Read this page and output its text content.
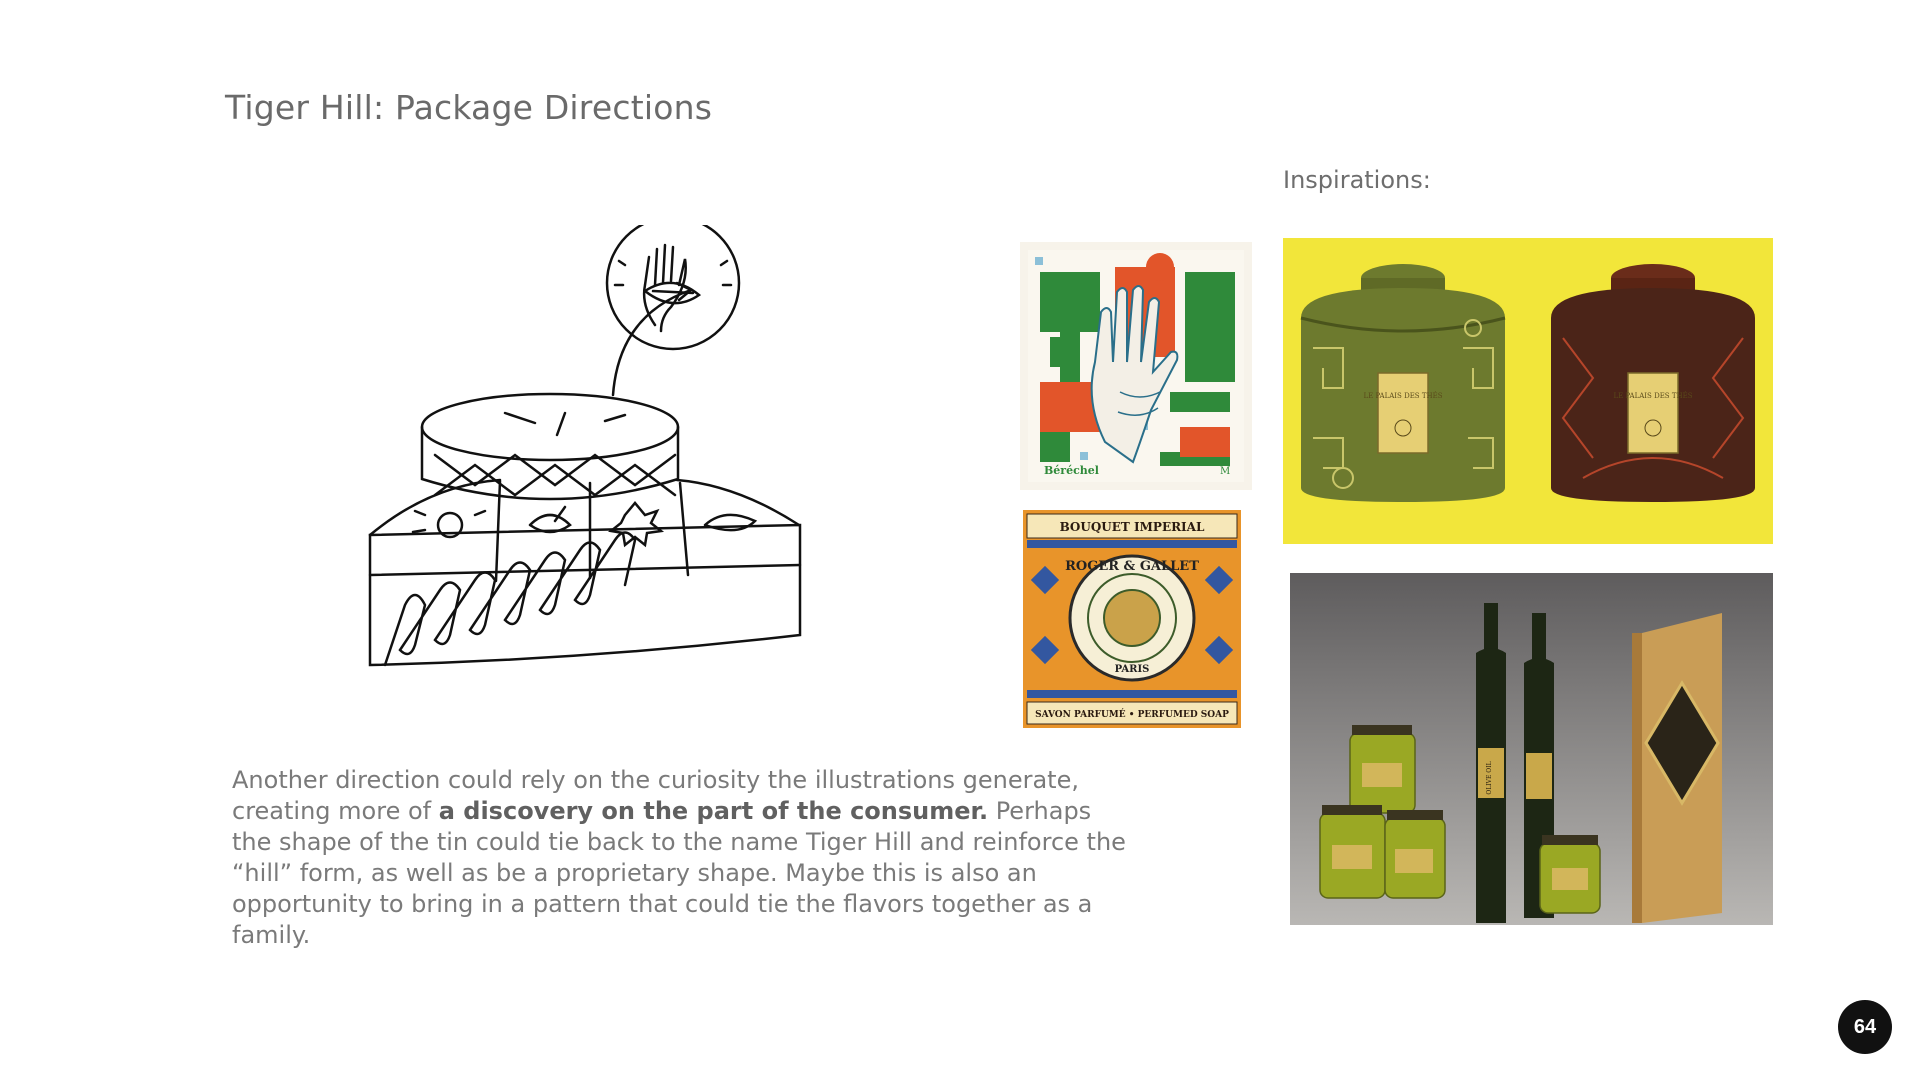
Tiger Hill: Package Directions
Inspirations:
Béréchel	M
BOUQUET IMPERIAL
ROGER & GALLET
PARIS
SAVON PARFUMÉ • PERFUMED SOAP
LE PALAIS DES THÉS	LE PALAIS DES THÉS
OLIVE OIL
Another direction could rely on the curiosity the illustrations generate, creating more of a discovery on the part of the consumer. Perhaps the shape of the tin could tie back to the name Tiger Hill and reinforce the “hill” form, as well as be a proprietary shape. Maybe this is also an opportunity to bring in a pattern that could tie the flavors together as a family.
64
